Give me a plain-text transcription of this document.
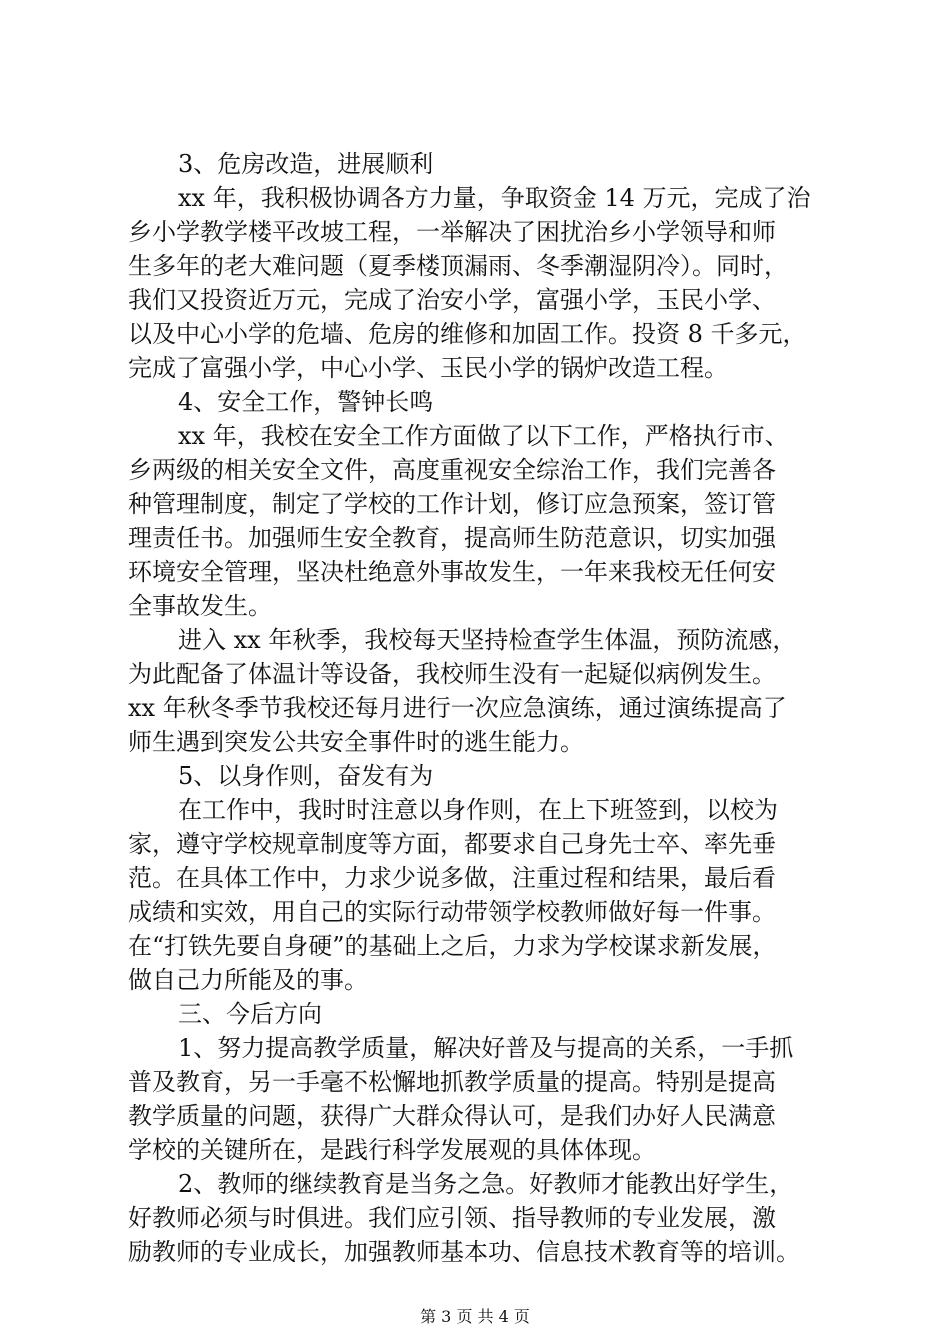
3、危房改造，进展顺利
xx 年，我积极协调各方力量，争取资金 14 万元，完成了治
乡小学教学楼平改坡工程，一举解决了困扰治乡小学领导和师
生多年的老大难问题（夏季楼顶漏雨、冬季潮湿阴冷）。同时，
我们又投资近万元，完成了治安小学，富强小学，玉民小学、
以及中心小学的危墙、危房的维修和加固工作。投资 8 千多元，
完成了富强小学，中心小学、玉民小学的锅炉改造工程。
4、安全工作，警钟长鸣
xx 年，我校在安全工作方面做了以下工作，严格执行市、
乡两级的相关安全文件，高度重视安全综治工作，我们完善各
种管理制度，制定了学校的工作计划，修订应急预案，签订管
理责任书。加强师生安全教育，提高师生防范意识，切实加强
环境安全管理，坚决杜绝意外事故发生，一年来我校无任何安
全事故发生。
进入 xx 年秋季，我校每天坚持检查学生体温，预防流感，
为此配备了体温计等设备，我校师生没有一起疑似病例发生。
xx 年秋冬季节我校还每月进行一次应急演练，通过演练提高了
师生遇到突发公共安全事件时的逃生能力。
5、以身作则，奋发有为
在工作中，我时时注意以身作则，在上下班签到，以校为
家，遵守学校规章制度等方面，都要求自己身先士卒、率先垂
范。在具体工作中，力求少说多做，注重过程和结果，最后看
成绩和实效，用自己的实际行动带领学校教师做好每一件事。
在“打铁先要自身硬”的基础上之后，力求为学校谋求新发展，
做自己力所能及的事。
三、今后方向
1、努力提高教学质量，解决好普及与提高的关系，一手抓
普及教育，另一手毫不松懈地抓教学质量的提高。特别是提高
教学质量的问题，获得广大群众得认可，是我们办好人民满意
学校的关键所在，是践行科学发展观的具体体现。
2、教师的继续教育是当务之急。好教师才能教出好学生，
好教师必须与时俱进。我们应引领、指导教师的专业发展，激
励教师的专业成长，加强教师基本功、信息技术教育等的培训。
第 3 页 共 4 页
